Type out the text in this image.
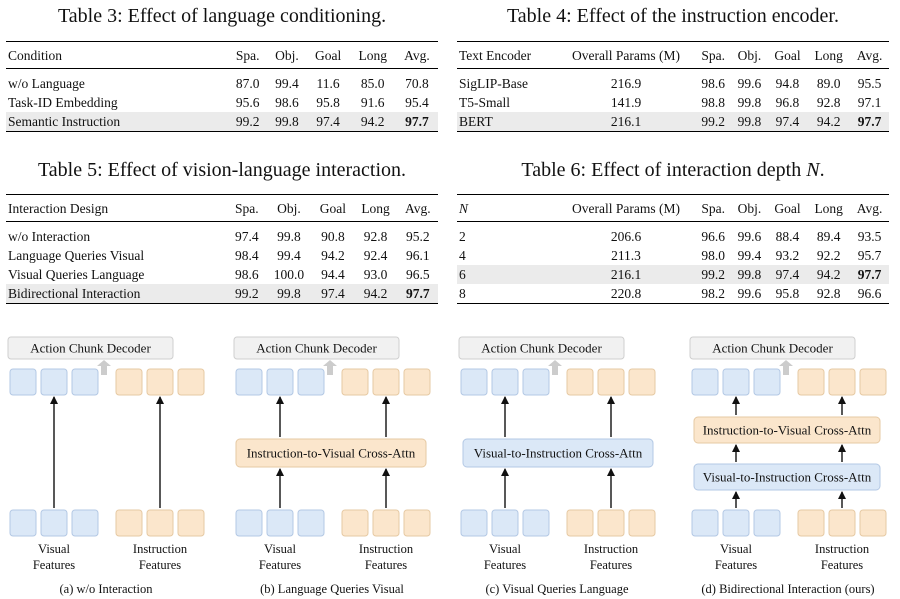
Table 3: Effect of language conditioning.
Condition	Spa.	Obj.	Goal	Long	Avg.
w/o Language	87.0	99.4	11.6	85.0	70.8
Task-ID Embedding	95.6	98.6	95.8	91.6	95.4
Semantic Instruction	99.2	99.8	97.4	94.2	97.7
Table 4: Effect of the instruction encoder.
Text Encoder	Overall Params (M)	Spa.	Obj.	Goal	Long	Avg.
SigLIP-Base	216.9	98.6	99.6	94.8	89.0	95.5
T5-Small	141.9	98.8	99.8	96.8	92.8	97.1
BERT	216.1	99.2	99.8	97.4	94.2	97.7
Table 5: Effect of vision-language interaction.
Interaction Design	Spa.	Obj.	Goal	Long	Avg.
w/o Interaction	97.4	99.8	90.8	92.8	95.2
Language Queries Visual	98.4	99.4	94.2	92.4	96.1
Visual Queries Language	98.6	100.0	94.4	93.0	96.5
Bidirectional Interaction	99.2	99.8	97.4	94.2	97.7
Table 6: Effect of interaction depth N.
N	Overall Params (M)	Spa.	Obj.	Goal	Long	Avg.
2	206.6	96.6	99.6	88.4	89.4	93.5
4	211.3	98.0	99.4	93.2	92.2	95.7
6	216.1	99.2	99.8	97.4	94.2	97.7
8	220.8	98.2	99.6	95.8	92.8	96.6
Action Chunk Decoder
Visual Features
Instruction Features
(a) w/o Interaction
Action Chunk Decoder
Visual Features
Instruction Features
(b) Language Queries Visual
Instruction-to-Visual Cross-Attn
Action Chunk Decoder
Visual Features
Instruction Features
(c) Visual Queries Language
Visual-to-Instruction Cross-Attn
Action Chunk Decoder
Visual Features
Instruction Features
(d) Bidirectional Interaction (ours)
Instruction-to-Visual Cross-Attn
Visual-to-Instruction Cross-Attn
